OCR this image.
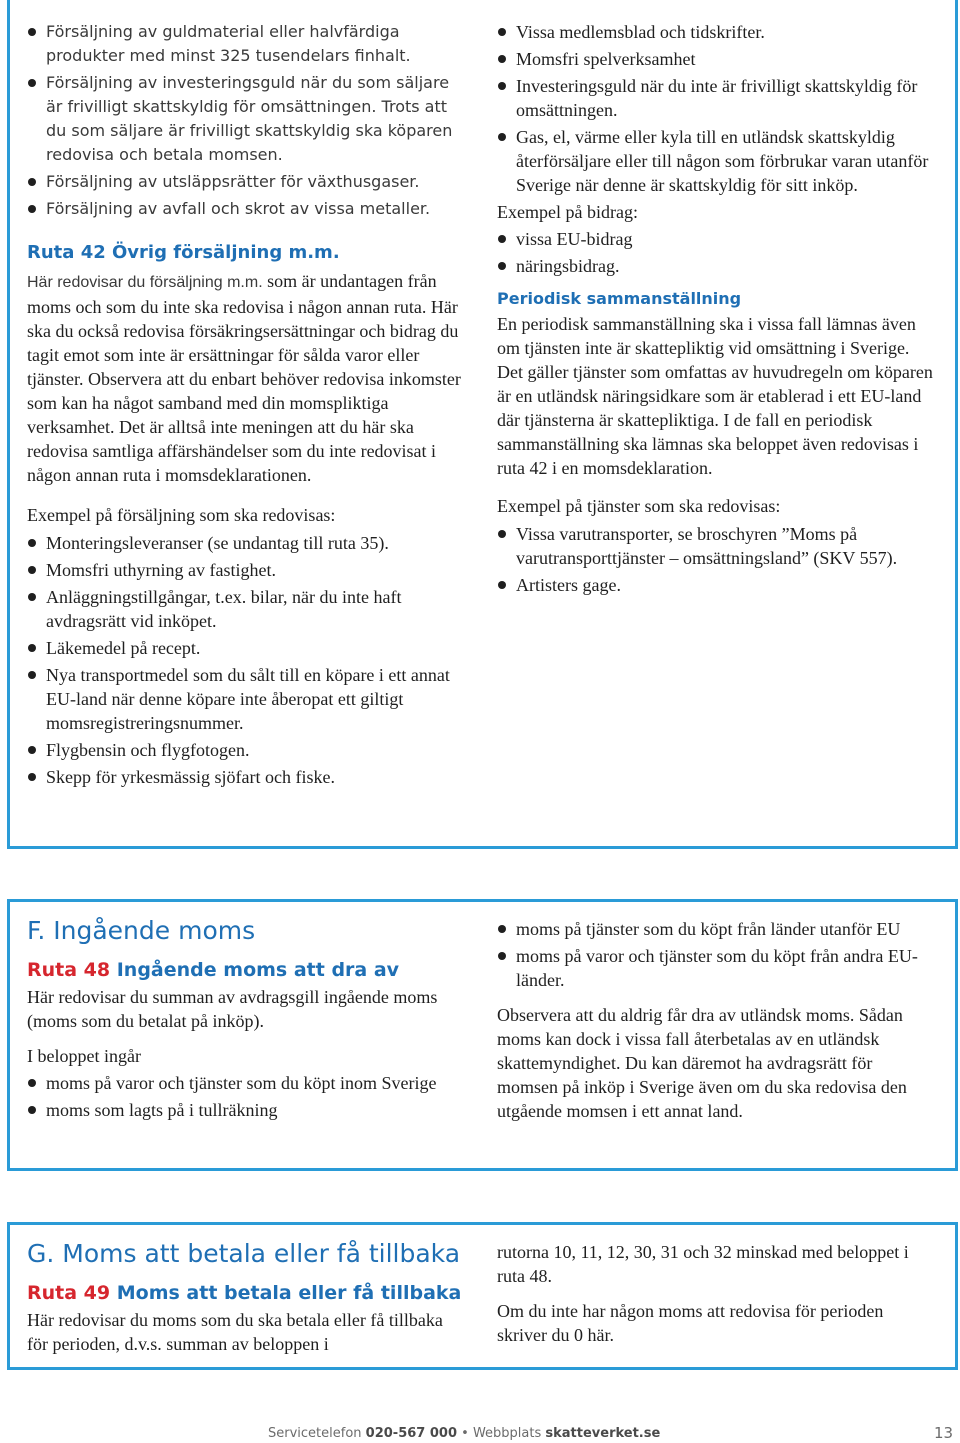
Försäljning av guldmaterial eller halvfärdiga produkter med minst 325 tusendelars finhalt.
Försäljning av investeringsguld när du som säljare är frivilligt skattskyldig för omsättningen. Trots att du som säljare är frivilligt skattskyldig ska köparen redovisa och betala momsen.
Försäljning av utsläppsrätter för växthusgaser.
Försäljning av avfall och skrot av vissa metaller.

Ruta 42 Övrig försäljning m.m.

Här redovisar du försäljning m.m. som är undantagen från moms och som du inte ska redovisa i någon annan ruta. Här ska du också redovisa försäkringsersättningar och bidrag du tagit emot som inte är ersättningar för sålda varor eller tjänster. Observera att du enbart behöver redovisa inkomster som kan ha något samband med din momspliktiga verksamhet. Det är alltså inte meningen att du här ska redovisa samtliga affärshändelser som du inte redovisat i någon annan ruta i momsdeklarationen.

Exempel på försäljning som ska redovisas:

Monteringsleveranser (se undantag till ruta 35).
Momsfri uthyrning av fastighet.
Anläggningstillgångar, t.ex. bilar, när du inte haft avdragsrätt vid inköpet.
Läkemedel på recept.
Nya transportmedel som du sålt till en köpare i ett annat EU-land när denne köpare inte åberopat ett giltigt momsregistreringsnummer.
Flygbensin och flygfotogen.
Skepp för yrkesmässig sjöfart och fiske.
Vissa medlemsblad och tidskrifter.
Momsfri spelverksamhet
Investeringsguld när du inte är frivilligt skattskyldig för omsättningen.
Gas, el, värme eller kyla till en utländsk skattskyldig återförsäljare eller till någon som förbrukar varan utanför Sverige när denne är skattskyldig för sitt inköp.

Exempel på bidrag:

vissa EU-bidrag
näringsbidrag.

Periodisk sammanställning

En periodisk sammanställning ska i vissa fall lämnas även om tjänsten inte är skattepliktig vid omsättning i Sverige. Det gäller tjänster som omfattas av huvudregeln om köparen är en utländsk näringsidkare som är etablerad i ett EU-land där tjänsterna är skattepliktiga. I de fall en periodisk sammanställning ska lämnas ska beloppet även redovisas i ruta 42 i en momsdeklaration.

Exempel på tjänster som ska redovisas:

Vissa varutransporter, se broschyren ”Moms på varutransporttjänster – omsättningsland” (SKV 557).
Artisters gage.

F. Ingående moms

Ruta 48 Ingående moms att dra av

Här redovisar du summan av avdragsgill ingående moms (moms som du betalat på inköp).

I beloppet ingår

moms på varor och tjänster som du köpt inom Sverige
moms som lagts på i tullräkning
moms på tjänster som du köpt från länder utanför EU
moms på varor och tjänster som du köpt från andra EU-länder.

Observera att du aldrig får dra av utländsk moms. Sådan moms kan dock i vissa fall återbetalas av en utländsk skattemyndighet. Du kan däremot ha avdragsrätt för momsen på inköp i Sverige även om du ska redovisa den utgående momsen i ett annat land.

G. Moms att betala eller få tillbaka

Ruta 49 Moms att betala eller få tillbaka

Här redovisar du moms som du ska betala eller få tillbaka för perioden, d.v.s. summan av beloppen i

rutorna 10, 11, 12, 30, 31 och 32 minskad med beloppet i ruta 48.

Om du inte har någon moms att redovisa för perioden skriver du 0 här.

Servicetelefon 020-567 000 • Webbplats skatteverket.se	13
